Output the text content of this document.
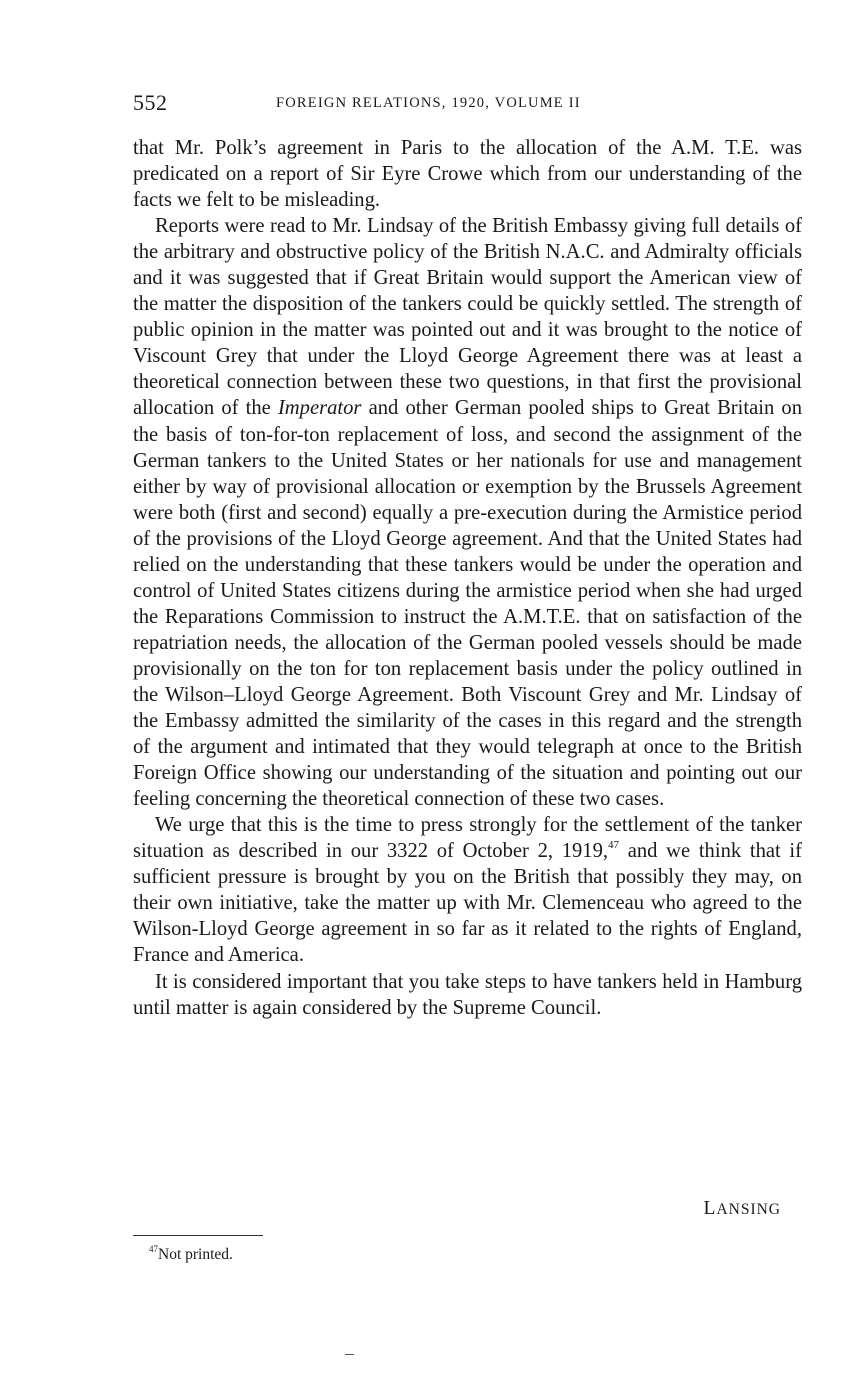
552	FOREIGN RELATIONS, 1920, VOLUME II

that Mr. Polk’s agreement in Paris to the allocation of the A.M. T.E. was predicated on a report of Sir Eyre Crowe which from our understanding of the facts we felt to be misleading.

Reports were read to Mr. Lindsay of the British Embassy giving full details of the arbitrary and obstructive policy of the British N.A.C. and Admiralty officials and it was suggested that if Great Britain would support the American view of the matter the disposition of the tankers could be quickly settled. The strength of public opinion in the matter was pointed out and it was brought to the notice of Viscount Grey that under the Lloyd George Agreement there was at least a theoretical connection between these two questions, in that first the provisional allocation of the Imperator and other German pooled ships to Great Britain on the basis of ton-for-ton replacement of loss, and second the assignment of the German tankers to the United States or her nationals for use and management either by way of provisional allocation or exemption by the Brussels Agreement were both (first and second) equally a pre-execution during the Armistice period of the provisions of the Lloyd George agreement. And that the United States had relied on the understanding that these tankers would be under the operation and control of United States citizens during the armistice period when she had urged the Reparations Commission to instruct the A.M.T.E. that on satisfaction of the repatriation needs, the allocation of the German pooled vessels should be made provisionally on the ton for ton replacement basis under the policy outlined in the Wilson–Lloyd George Agreement. Both Viscount Grey and Mr. Lindsay of the Embassy admitted the similarity of the cases in this regard and the strength of the argument and intimated that they would telegraph at once to the British Foreign Office showing our understanding of the situation and pointing out our feeling concerning the theoretical connection of these two cases.

We urge that this is the time to press strongly for the settlement of the tanker situation as described in our 3322 of October 2, 1919,47 and we think that if sufficient pressure is brought by you on the British that possibly they may, on their own initiative, take the matter up with Mr. Clemenceau who agreed to the Wilson-Lloyd George agreement in so far as it related to the rights of England, France and America.

It is considered important that you take steps to have tankers held in Hamburg until matter is again considered by the Supreme Council.

LANSING
$^{47}$Not printed.
